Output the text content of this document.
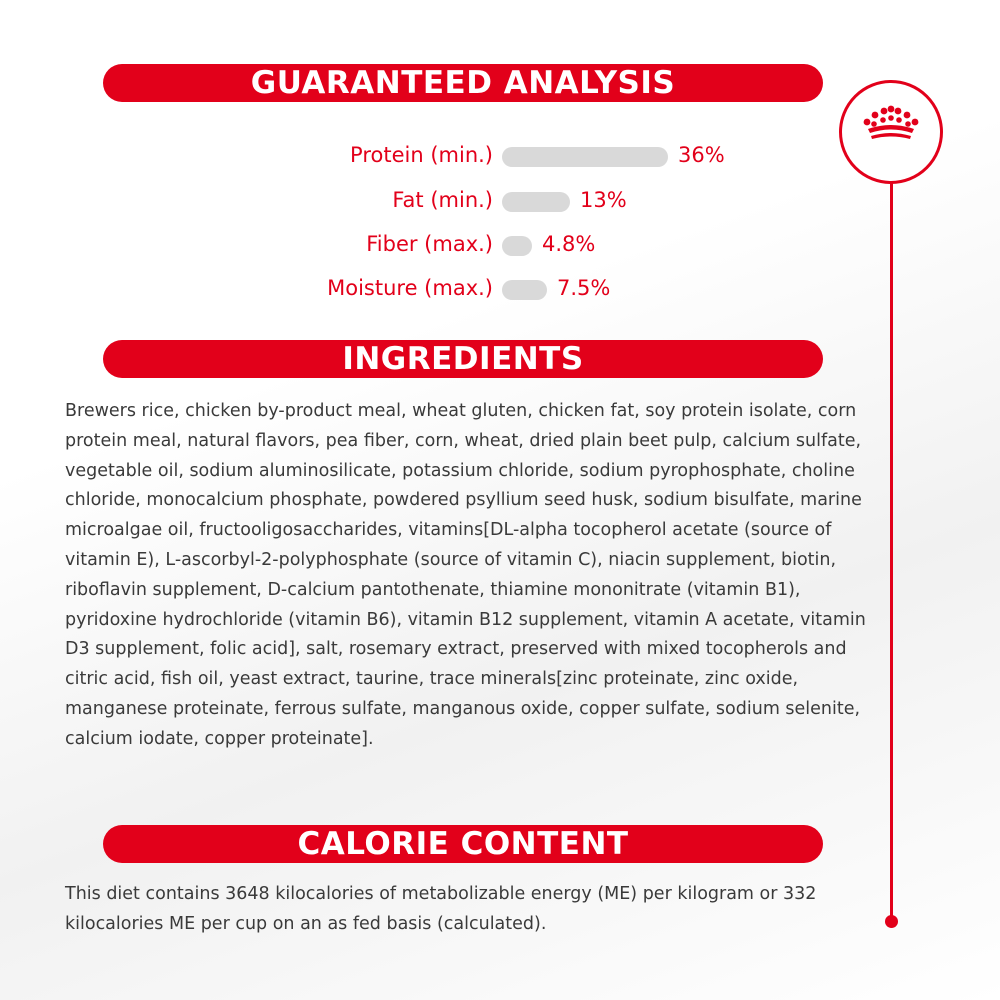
GUARANTEED ANALYSIS
Protein (min.)	36%
Fat (min.)	13%
Fiber (max.) 4.8%
Moisture (max.)	7.5%
INGREDIENTS
Brewers rice, chicken by-product meal, wheat gluten, chicken fat, soy protein isolate, corn protein meal, natural flavors, pea fiber, corn, wheat, dried plain beet pulp, calcium sulfate, vegetable oil, sodium aluminosilicate, potassium chloride, sodium pyrophosphate, choline chloride, monocalcium phosphate, powdered psyllium seed husk, sodium bisulfate, marine microalgae oil, fructooligosaccharides, vitamins[DL-alpha tocopherol acetate (source of vitamin E), L-ascorbyl-2-polyphosphate (source of vitamin C), niacin supplement, biotin, riboflavin supplement, D-calcium pantothenate, thiamine mononitrate (vitamin B1), pyridoxine hydrochloride (vitamin B6), vitamin B12 supplement, vitamin A acetate, vitamin D3 supplement, folic acid], salt, rosemary extract, preserved with mixed tocopherols and citric acid, fish oil, yeast extract, taurine, trace minerals[zinc proteinate, zinc oxide, manganese proteinate, ferrous sulfate, manganous oxide, copper sulfate, sodium selenite, calcium iodate, copper proteinate].
CALORIE CONTENT
This diet contains 3648 kilocalories of metabolizable energy (ME) per kilogram or 332 kilocalories ME per cup on an as fed basis (calculated).
